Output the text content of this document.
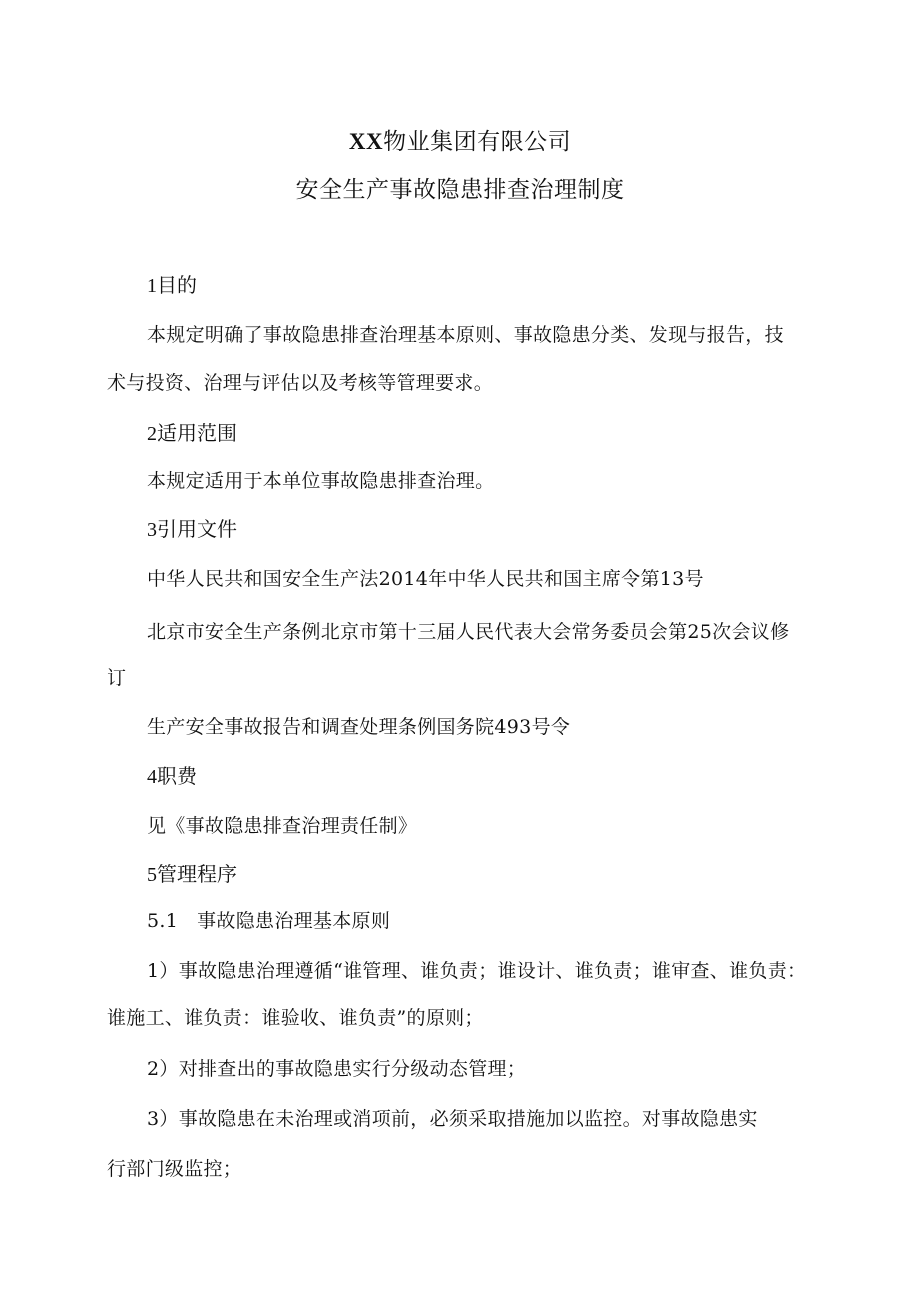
XX物业集团有限公司
安全生产事故隐患排查治理制度
1目的
本规定明确了事故隐患排查治理基本原则、事故隐患分类、发现与报告，技
术与投资、治理与评估以及考核等管理要求。
2适用范围
本规定适用于本单位事故隐患排查治理。
3引用文件
中华人民共和国安全生产法2014年中华人民共和国主席令第13号
北京市安全生产条例北京市第十三届人民代表大会常务委员会第25次会议修
订
生产安全事故报告和调查处理条例国务院493号令
4职费
见《事故隐患排查治理责任制》
5管理程序
5.1   事故隐患治理基本原则
1）事故隐患治理遵循“谁管理、谁负责；谁设计、谁负责；谁审查、谁负责：
谁施工、谁负责：谁验收、谁负责”的原则；
2）对排查出的事故隐患实行分级动态管理；
3）事故隐患在未治理或消项前，必须采取措施加以监控。对事故隐患实
行部门级监控；
